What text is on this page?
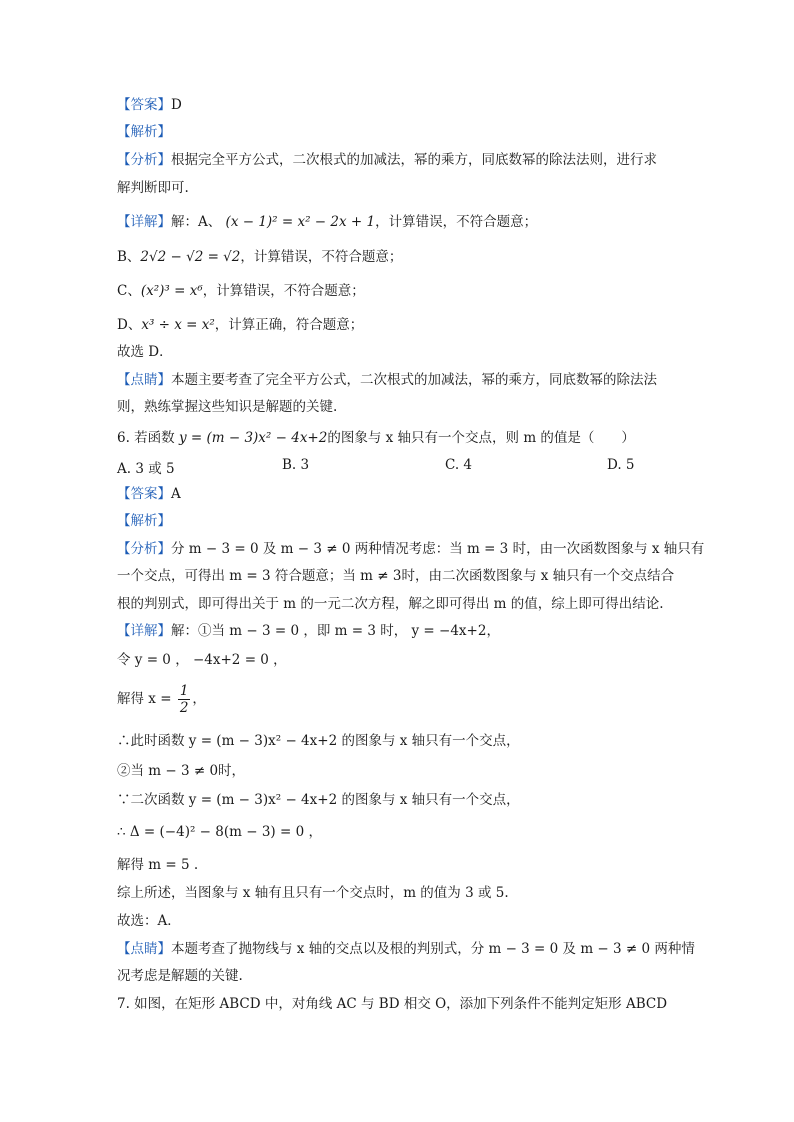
【答案】D
【解析】
【分析】根据完全平方公式，二次根式的加减法，幂的乘方，同底数幂的除法法则，进行求
解判断即可.
【详解】解：A、 (x − 1)² = x² − 2x + 1，计算错误，不符合题意；
B、2√2 − √2 = √2，计算错误，不符合题意；
C、(x²)³ = x⁶，计算错误，不符合题意；
D、x³ ÷ x = x²，计算正确，符合题意；
故选 D．
【点睛】本题主要考查了完全平方公式，二次根式的加减法，幂的乘方，同底数幂的除法法
则，熟练掌握这些知识是解题的关键.
6. 若函数 y = (m − 3)x² − 4x+2的图象与 x 轴只有一个交点，则 m 的值是（　　）
A. 3 或 5	B. 3	C. 4	D. 5
【答案】A
【解析】
【分析】分 m − 3 = 0 及 m − 3 ≠ 0 两种情况考虑：当 m = 3 时，由一次函数图象与 x 轴只有
一个交点，可得出 m = 3 符合题意；当 m ≠ 3时，由二次函数图象与 x 轴只有一个交点结合
根的判别式，即可得出关于 m 的一元二次方程，解之即可得出 m 的值，综上即可得出结论.
【详解】解：①当 m − 3 = 0 ，即 m = 3 时， y = −4x+2，
令 y = 0 ， −4x+2 = 0 ，
解得 $x = \frac{1}{2}$ ，
∴此时函数 y = (m − 3)x² − 4x+2 的图象与 x 轴只有一个交点，
②当 m − 3 ≠ 0时，
∵二次函数 y = (m − 3)x² − 4x+2 的图象与 x 轴只有一个交点，
∴ Δ = (−4)² − 8(m − 3) = 0 ，
解得 m = 5 .
综上所述，当图象与 x 轴有且只有一个交点时，m 的值为 3 或 5.
故选：A．
【点睛】本题考查了抛物线与 x 轴的交点以及根的判别式，分 m − 3 = 0 及 m − 3 ≠ 0 两种情
况考虑是解题的关键.
7. 如图，在矩形 ABCD 中，对角线 AC 与 BD 相交 O，添加下列条件不能判定矩形 ABCD
